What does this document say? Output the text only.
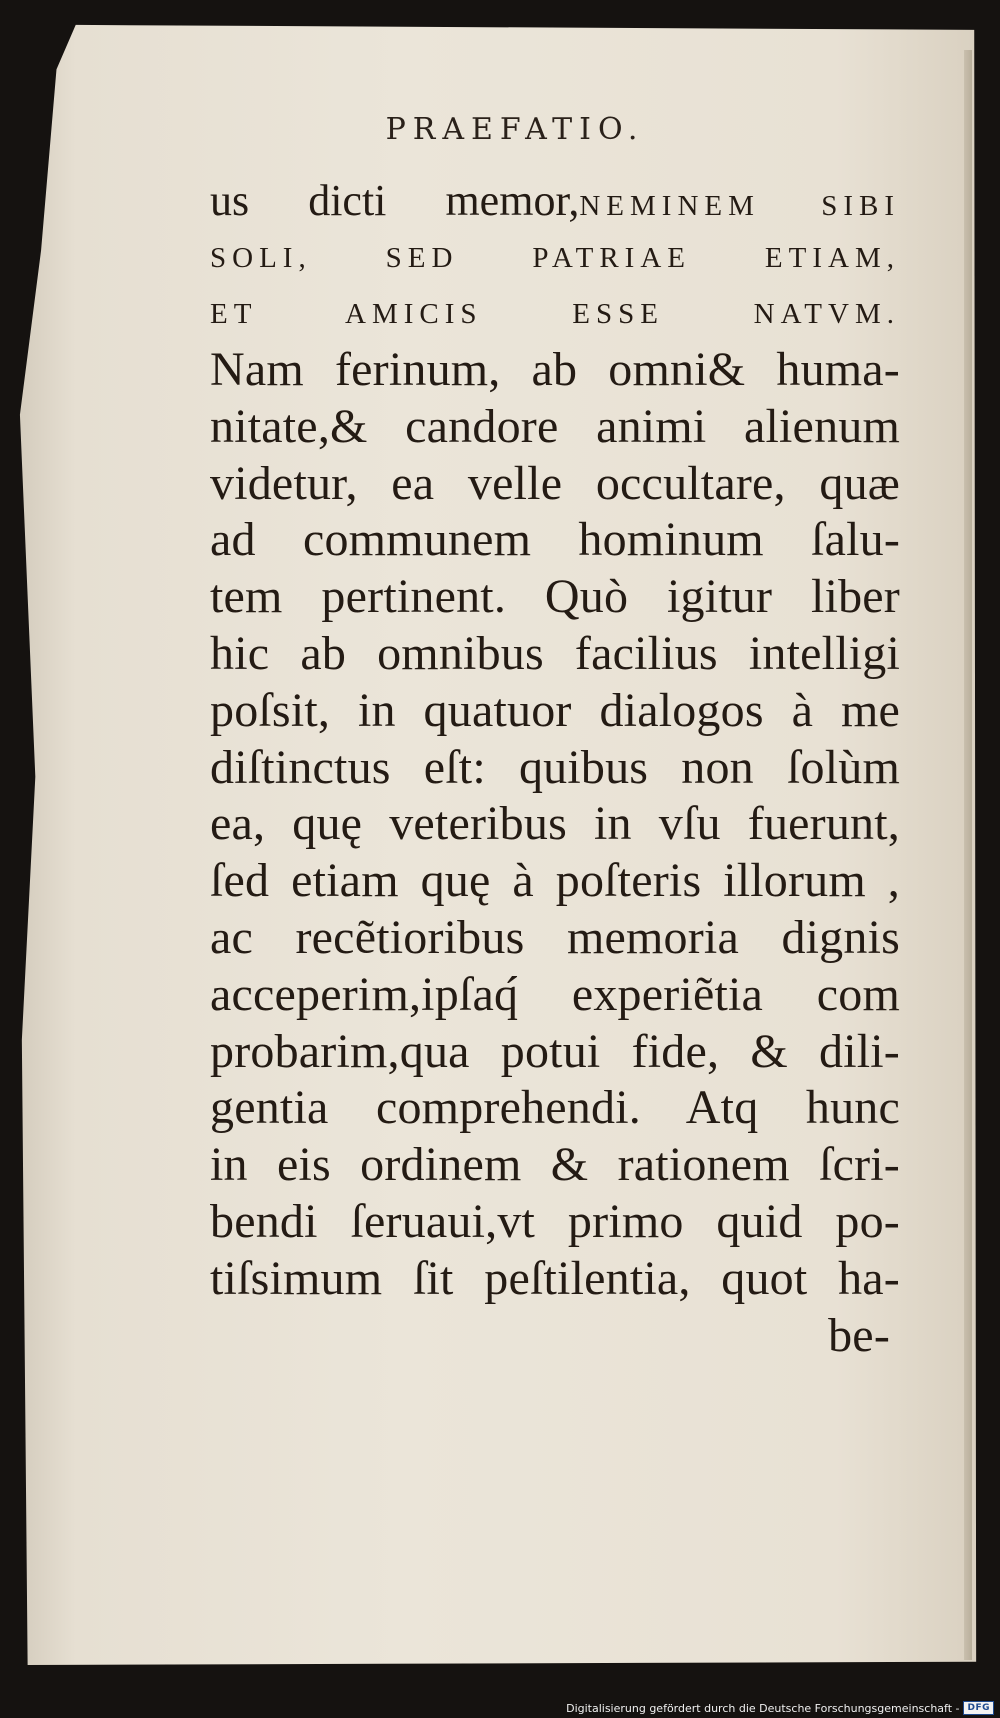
PRAEFATIO.
us dicti memor,NEMINEM SIBI
SOLI, SED PATRIAE ETIAM,
ET AMICIS ESSE NATVM.
Nam ferinum, ab omni& huma-
nitate,& candore animi alienum
videtur, ea velle occultare, quæ
ad communem hominum ſalu-
tem pertinent. Quò igitur liber
hic ab omnibus facilius intelligi
poſsit, in quatuor dialogos à me
diſtinctus eſt: quibus non ſolùm
ea, quę veteribus in vſu fuerunt,
ſed etiam quę à poſteris illorum ,
ac recẽtioribus memoria dignis
acceperim,ipſaq́ experiẽtia com
probarim,qua potui fide, & dili-
gentia comprehendi. Atq hunc
in eis ordinem & rationem ſcri-
bendi ſeruaui,vt primo quid po-
tiſsimum ſit peſtilentia, quot ha-
be-
Digitalisierung gefördert durch die Deutsche Forschungsgemeinschaft - DFG
